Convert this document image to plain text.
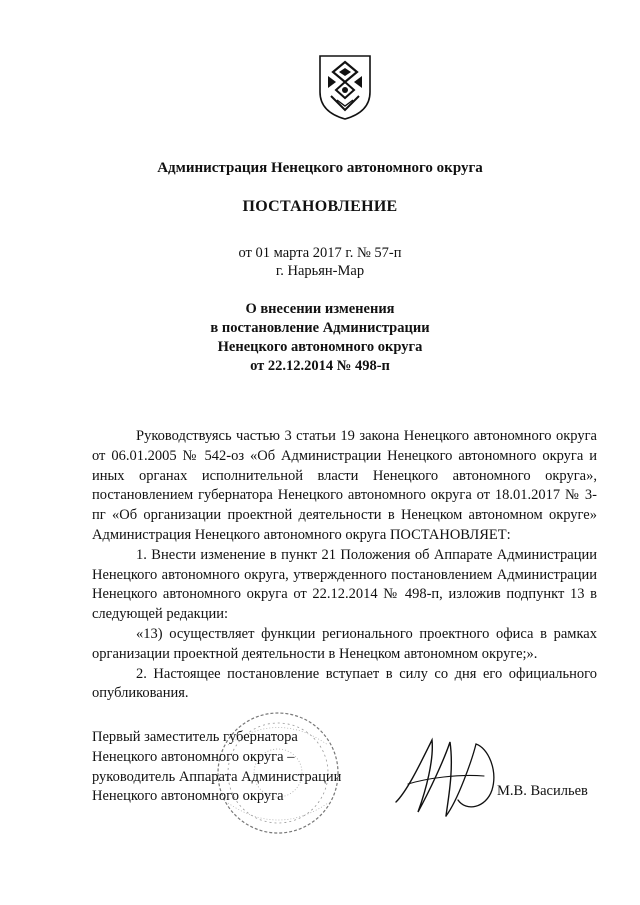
Администрация Ненецкого автономного округа
ПОСТАНОВЛЕНИЕ
от 01 марта 2017 г. № 57-п
г. Нарьян-Мар
О внесении изменения
в постановление Администрации
Ненецкого автономного округа
от 22.12.2014 № 498-п

Руководствуясь частью 3 статьи 19 закона Ненецкого автономного округа от 06.01.2005 № 542-оз «Об Администрации Ненецкого автономного округа и иных органах исполнительной власти Ненецкого автономного округа», постановлением губернатора Ненецкого автономного округа от 18.01.2017 № 3-пг «Об организации проектной деятельности в Ненецком автономном округе» Администрация Ненецкого автономного округа ПОСТАНОВЛЯЕТ:

1. Внести изменение в пункт 21 Положения об Аппарате Администрации Ненецкого автономного округа, утвержденного постановлением Администрации Ненецкого автономного округа от 22.12.2014 № 498-п, изложив подпункт 13 в следующей редакции:

«13) осуществляет функции регионального проектного офиса в рамках организации проектной деятельности в Ненецком автономном округе;».

2. Настоящее постановление вступает в силу со дня его официального опубликования.

Первый заместитель губернатора
Ненецкого автономного округа –
руководитель Аппарата Администрации
Ненецкого автономного округа	М.В. Васильев
